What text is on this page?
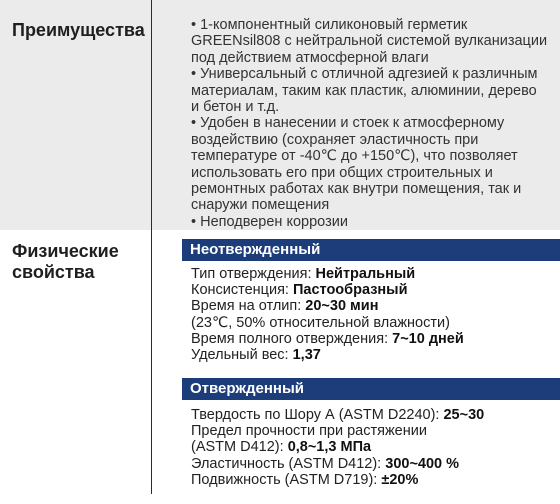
Преимущества	• 1-компонентный силиконовый герметик

GREENsil808 с нейтральной системой вулканизации

под действием атмосферной влаги

• Универсальный с отличной адгезией к различным

материалам, таким как пластик, алюминии, дерево

и бетон и т.д.

• Удобен в нанесении и стоек к атмосферному

воздействию (сохраняет эластичность при

температуре от -40℃ до +150℃), что позволяет

использовать его при общих строительных и

ремонтных работах как внутри помещения, так и

снаружи помещения

• Неподверен коррозии

Физические свойства
Неотвержденный

Тип отверждения: Нейтральный

Консистенция: Пастообразный

Время на отлип: 20~30 мин

(23℃, 50% относительной влажности)

Время полного отверждения: 7~10 дней

Удельный вес: 1,37

Отвержденный

Твердость по Шору А (ASTM D2240): 25~30

Предел прочности при растяжении

(ASTM D412): 0,8~1,3 МПа

Эластичность (ASTM D412): 300~400 %

Подвижность (ASTM D719): ±20%
